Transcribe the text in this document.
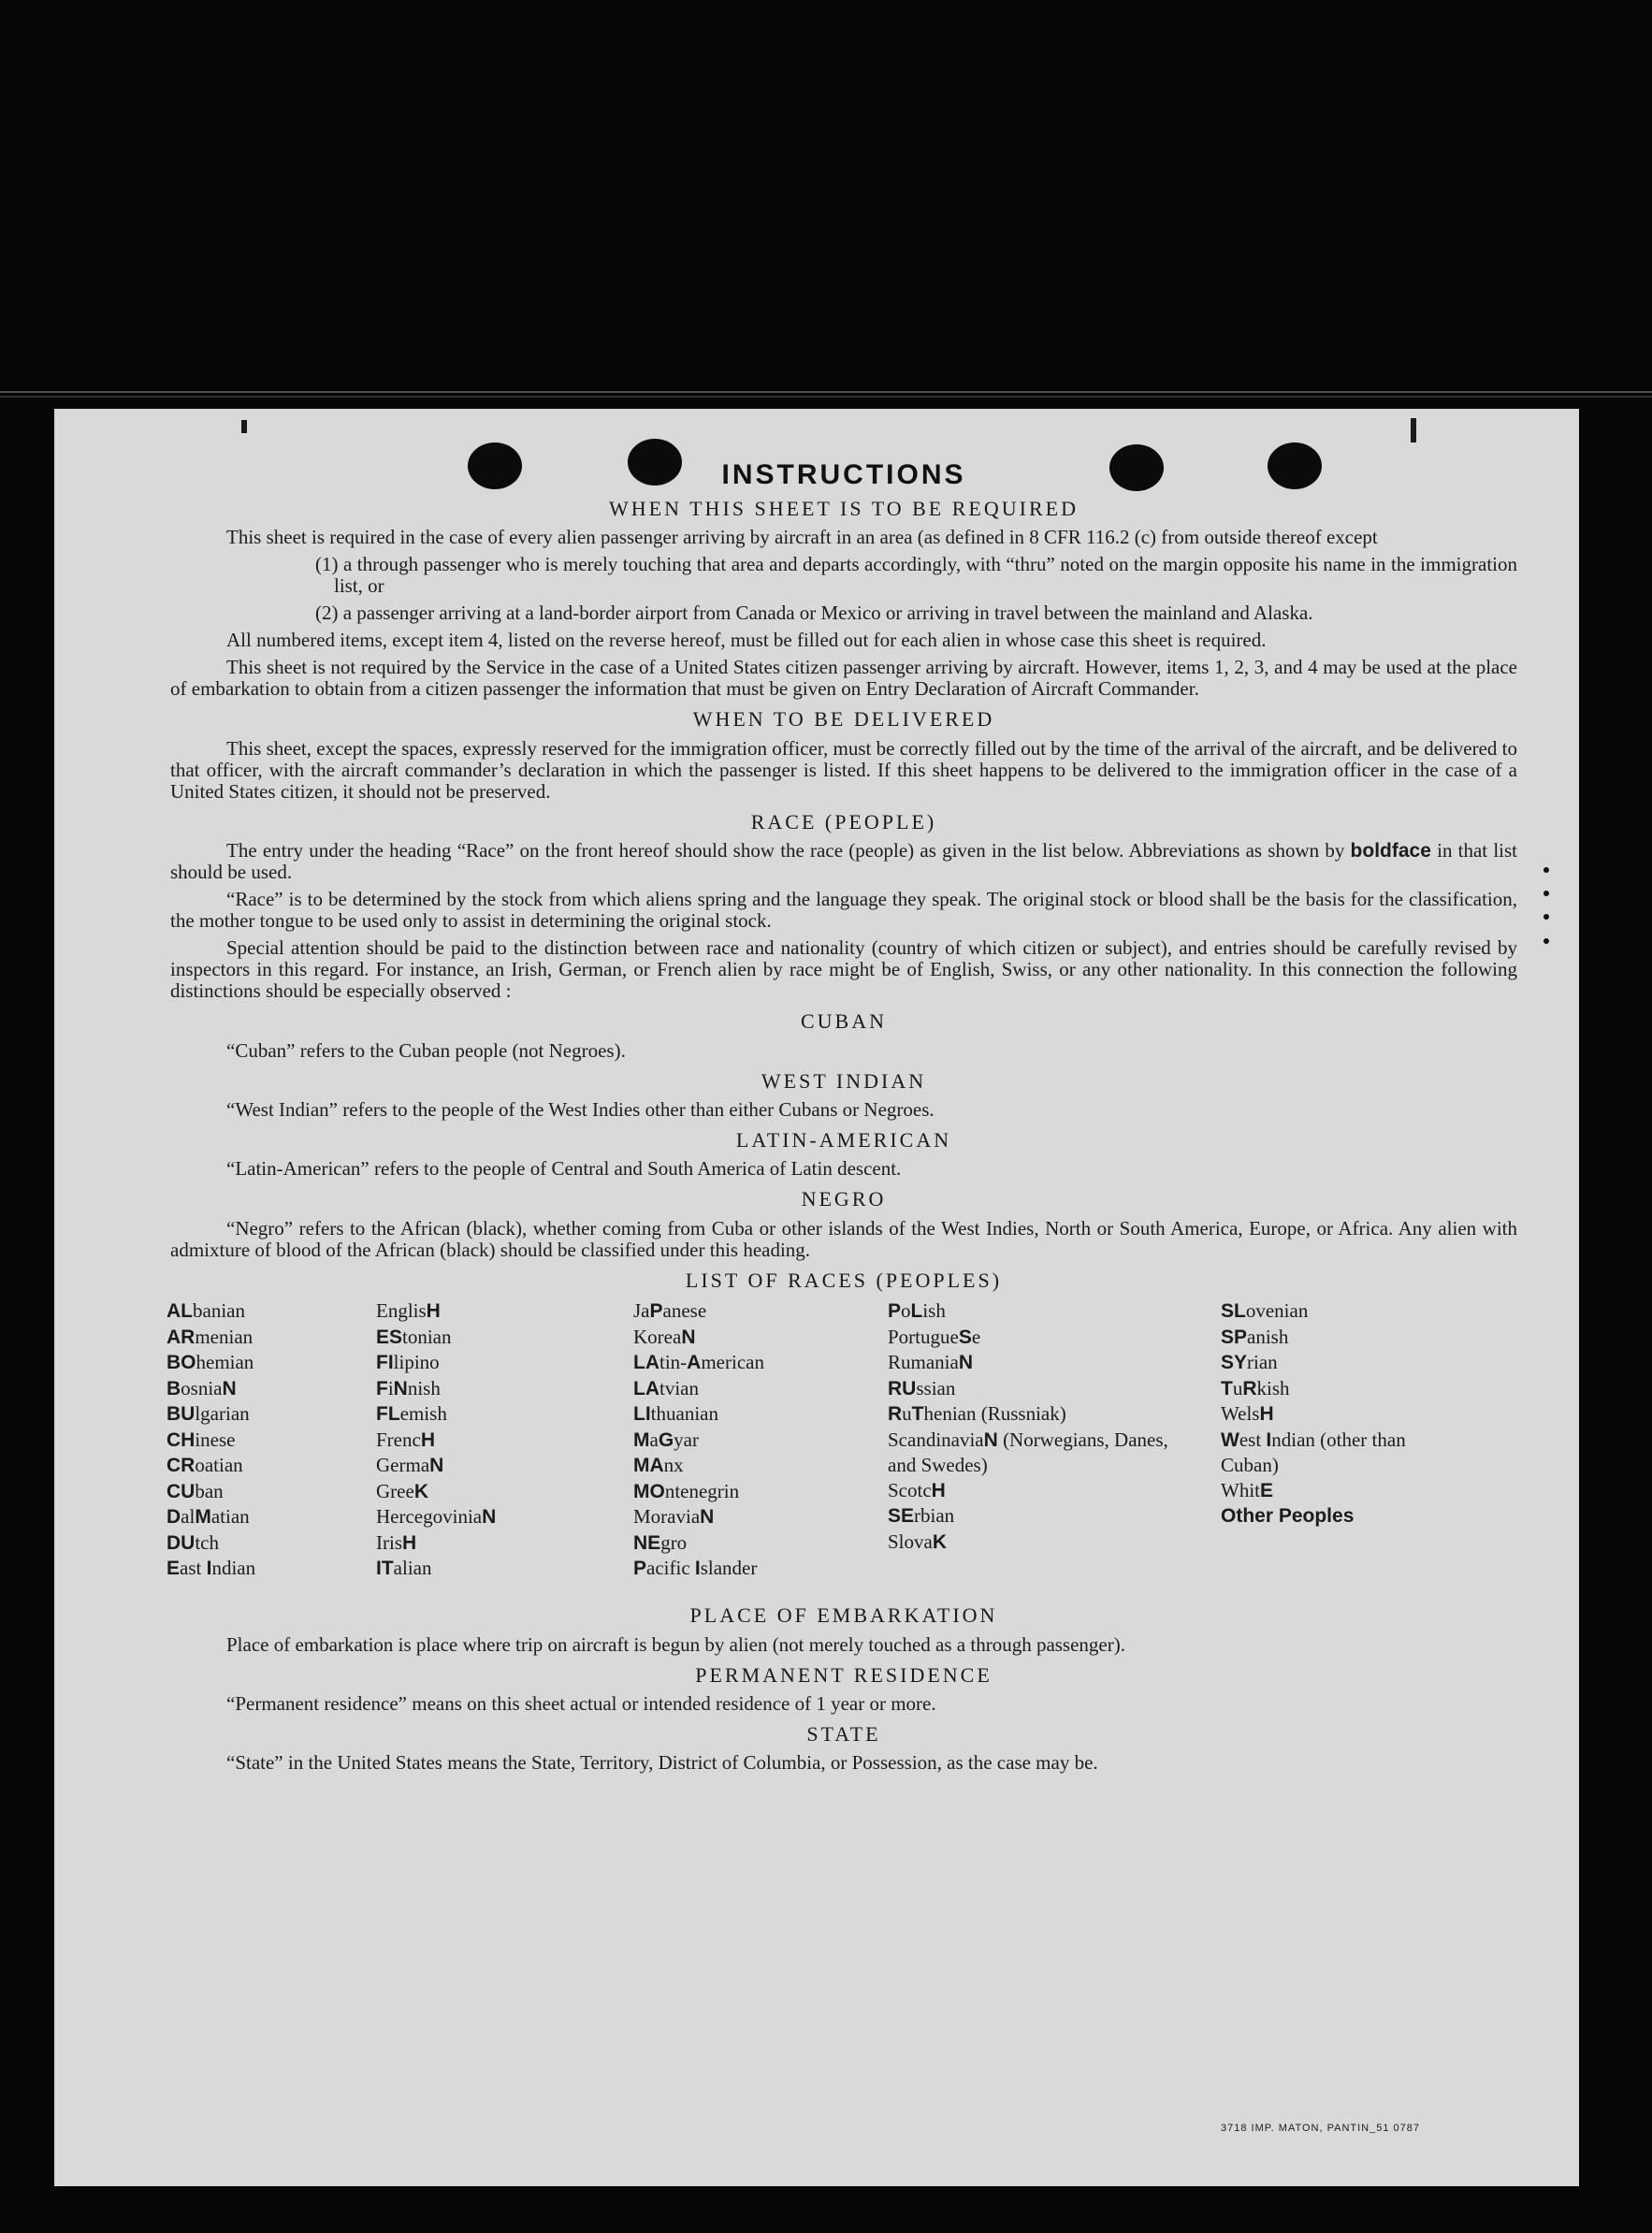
INSTRUCTIONS
WHEN THIS SHEET IS TO BE REQUIRED

This sheet is required in the case of every alien passenger arriving by aircraft in an area (as defined in 8 CFR 116.2 (c) from outside thereof except

(1) a through passenger who is merely touching that area and departs accordingly, with “thru” noted on the margin opposite his name in the immigration list, or

(2) a passenger arriving at a land-border airport from Canada or Mexico or arriving in travel between the mainland and Alaska.

All numbered items, except item 4, listed on the reverse hereof, must be filled out for each alien in whose case this sheet is required.

This sheet is not required by the Service in the case of a United States citizen passenger arriving by aircraft. However, items 1, 2, 3, and 4 may be used at the place of embarkation to obtain from a citizen passenger the information that must be given on Entry Declaration of Aircraft Commander.

WHEN TO BE DELIVERED

This sheet, except the spaces, expressly reserved for the immigration officer, must be correctly filled out by the time of the arrival of the aircraft, and be delivered to that officer, with the aircraft commander’s declaration in which the passenger is listed. If this sheet happens to be delivered to the immigration officer in the case of a United States citizen, it should not be preserved.

RACE (PEOPLE)

The entry under the heading “Race” on the front hereof should show the race (people) as given in the list below. Abbreviations as shown by boldface in that list should be used.

“Race” is to be determined by the stock from which aliens spring and the language they speak. The original stock or blood shall be the basis for the classification, the mother tongue to be used only to assist in determining the original stock.

Special attention should be paid to the distinction between race and nationality (country of which citizen or subject), and entries should be carefully revised by inspectors in this regard. For instance, an Irish, German, or French alien by race might be of English, Swiss, or any other nationality. In this connection the following distinctions should be especially observed :

CUBAN

“Cuban” refers to the Cuban people (not Negroes).

WEST INDIAN

“West Indian” refers to the people of the West Indies other than either Cubans or Negroes.

LATIN-AMERICAN

“Latin-American” refers to the people of Central and South America of Latin descent.

NEGRO

“Negro” refers to the African (black), whether coming from Cuba or other islands of the West Indies, North or South America, Europe, or Africa. Any alien with admixture of blood of the African (black) should be classified under this heading.

LIST OF RACES (PEOPLES)
ALbanian
ARmenian
BOhemian
BosniaN
BUlgarian
CHinese
CRoatian
CUban
DalMatian
DUtch
East Indian
EnglisH
EStonian
FIlipino
FiNnish
FLemish
FrencH
GermaN
GreeK
HercegoviniaN
IrisH
ITalian
JaPanese
KoreaN
LAtin-American
LAtvian
LIthuanian
MaGyar
MAnx
MOntenegrin
MoraviaN
NEgro
Pacific Islander
PoLish
PortugueSe
RumaniaN
RUssian
RuThenian (Russniak)
ScandinaviaN (Norwegians, Danes, and Swedes)
ScotcH
SErbian
SlovaK
SLovenian
SPanish
SYrian
TuRkish
WelsH
West Indian (other than Cuban)
WhitE
Other Peoples
PLACE OF EMBARKATION

Place of embarkation is place where trip on aircraft is begun by alien (not merely touched as a through passenger).

PERMANENT RESIDENCE

“Permanent residence” means on this sheet actual or intended residence of 1 year or more.

STATE

“State” in the United States means the State, Territory, District of Columbia, or Possession, as the case may be.

3718 IMP. MATON, PANTIN_51 0787
